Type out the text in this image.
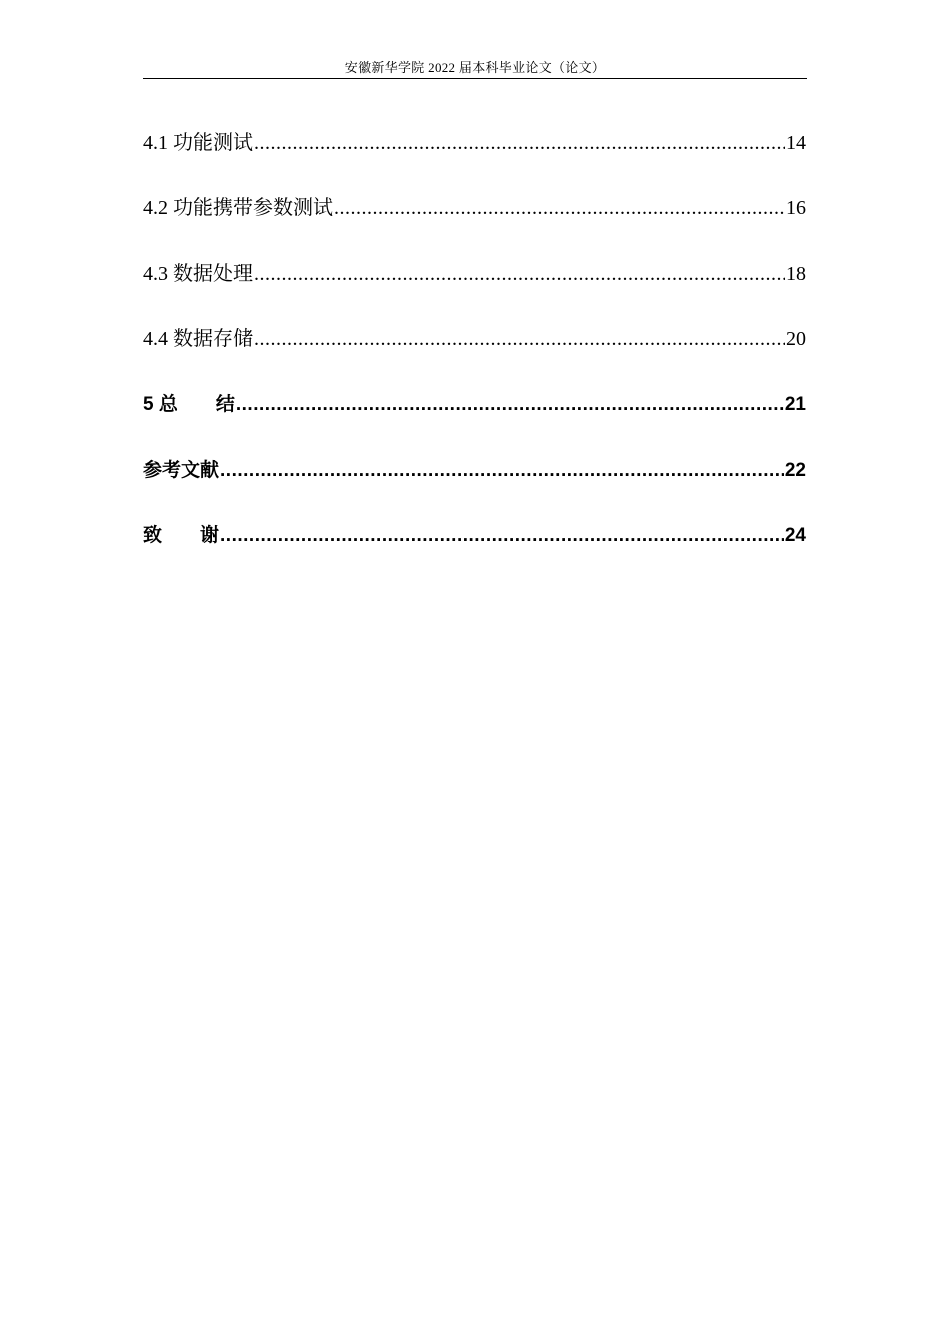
安徽新华学院 2022 届本科毕业论文（论文）
4.1 功能测试 .....	14
4.2 功能携带参数测试 .....	16
4.3 数据处理 .....	18
4.4 数据存储 .....	20
5 总　　结 .....	21
参考文献 .....	22
致　　谢 .....	24
